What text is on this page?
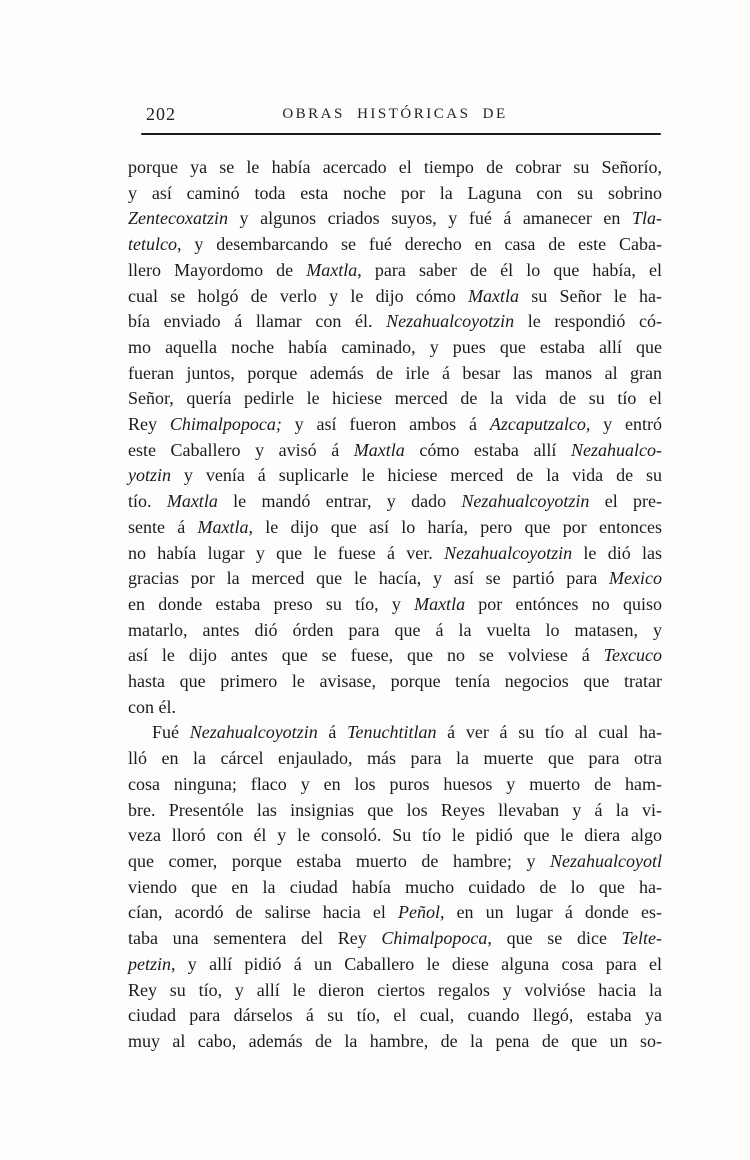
202	OBRAS HISTÓRICAS DE
porque ya se le había acercado el tiempo de cobrar su Señorío,
y así caminó toda esta noche por la Laguna con su sobrino
Zentecoxatzin y algunos criados suyos, y fué á amanecer en Tla-
tetulco, y desembarcando se fué derecho en casa de este Caba-
llero Mayordomo de Maxtla, para saber de él lo que había, el
cual se holgó de verlo y le dijo cómo Maxtla su Señor le ha-
bía enviado á llamar con él. Nezahualcoyotzin le respondió có-
mo aquella noche había caminado, y pues que estaba allí que
fueran juntos, porque además de irle á besar las manos al gran
Señor, quería pedirle le hiciese merced de la vida de su tío el
Rey Chimalpopoca; y así fueron ambos á Azcaputzalco, y entró
este Caballero y avisó á Maxtla cómo estaba allí Nezahualco-
yotzin y venía á suplicarle le hiciese merced de la vida de su
tío. Maxtla le mandó entrar, y dado Nezahualcoyotzin el pre-
sente á Maxtla, le dijo que así lo haría, pero que por entonces
no había lugar y que le fuese á ver. Nezahualcoyotzin le dió las
gracias por la merced que le hacía, y así se partió para Mexico
en donde estaba preso su tío, y Maxtla por entónces no quiso
matarlo, antes dió órden para que á la vuelta lo matasen, y
así le dijo antes que se fuese, que no se volviese á Texcuco
hasta que primero le avisase, porque tenía negocios que tratar
con él.
Fué Nezahualcoyotzin á Tenuchtitlan á ver á su tío al cual ha-
lló en la cárcel enjaulado, más para la muerte que para otra
cosa ninguna; flaco y en los puros huesos y muerto de ham-
bre. Presentóle las insignias que los Reyes llevaban y á la vi-
veza lloró con él y le consoló. Su tío le pidió que le diera algo
que comer, porque estaba muerto de hambre; y Nezahualcoyotl
viendo que en la ciudad había mucho cuidado de lo que ha-
cían, acordó de salirse hacia el Peñol, en un lugar á donde es-
taba una sementera del Rey Chimalpopoca, que se dice Telte-
petzin, y allí pidió á un Caballero le diese alguna cosa para el
Rey su tío, y allí le dieron ciertos regalos y volvióse hacia la
ciudad para dárselos á su tío, el cual, cuando llegó, estaba ya
muy al cabo, además de la hambre, de la pena de que un so-
